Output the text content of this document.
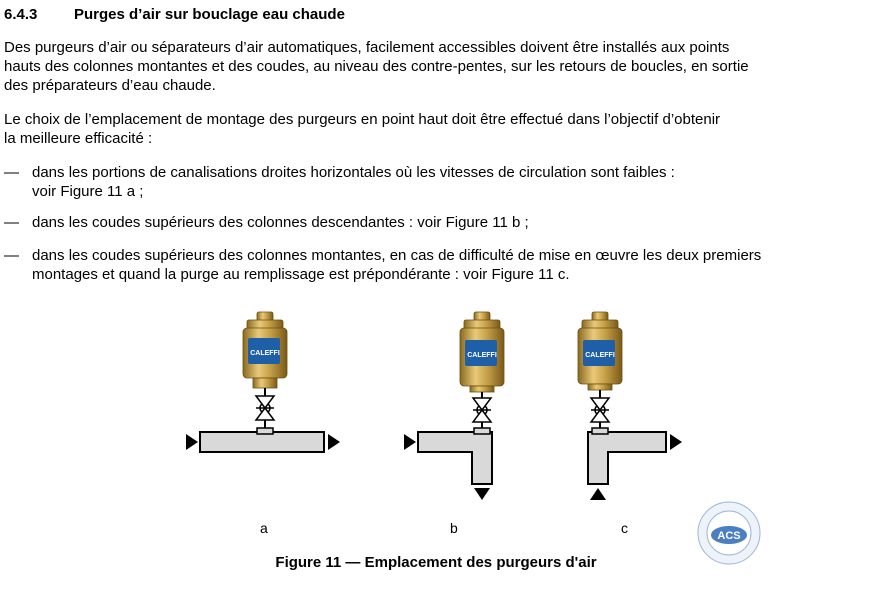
6.4.3 Purges d’air sur bouclage eau chaude
Des purgeurs d’air ou séparateurs d’air automatiques, facilement accessibles doivent être installés aux points
hauts des colonnes montantes et des coudes, au niveau des contre-pentes, sur les retours de boucles, en sortie
des préparateurs d’eau chaude.
Le choix de l’emplacement de montage des purgeurs en point haut doit être effectué dans l’objectif d’obtenir
la meilleure efficacité :
— dans les portions de canalisations droites horizontales où les vitesses de circulation sont faibles :
voir Figure 11 a ;
— dans les coudes supérieurs des colonnes descendantes : voir Figure 11 b ;
— dans les coudes supérieurs des colonnes montantes, en cas de difficulté de mise en œuvre les deux premiers
montages et quand la purge au remplissage est prépondérante : voir Figure 11 c.
CALEFFI	CALEFFI	CALEFFI
ACS
a	b	c
Figure 11 — Emplacement des purgeurs d'air
